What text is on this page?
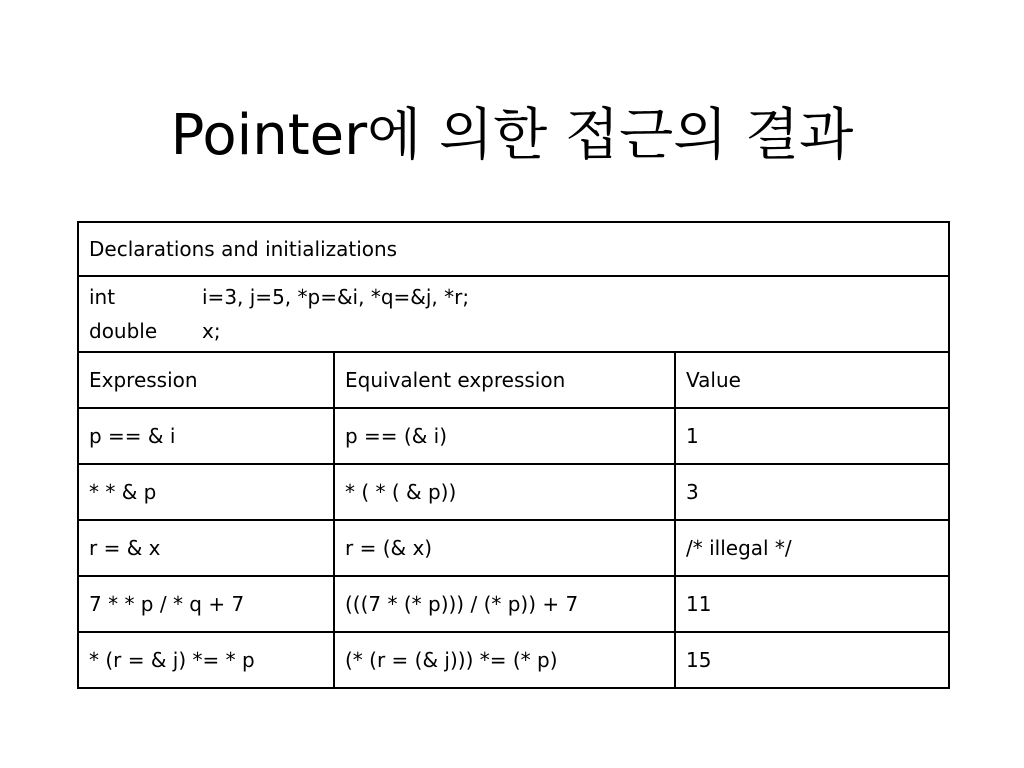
Pointer에 의한 접근의 결과
Declarations and initializations		

int i=3, j=5, *p=&i, *q=&j, *r;
double x;		

Expression	Equivalent expression	Value
p == & i	p == (& i)	1
* * & p	* ( * ( & p))	3
r = & x	r = (& x)	/* illegal */
7 * * p / * q + 7	(((7 * (* p))) / (* p)) + 7	11
* (r = & j) *= * p	(* (r = (& j))) *= (* p)	15
